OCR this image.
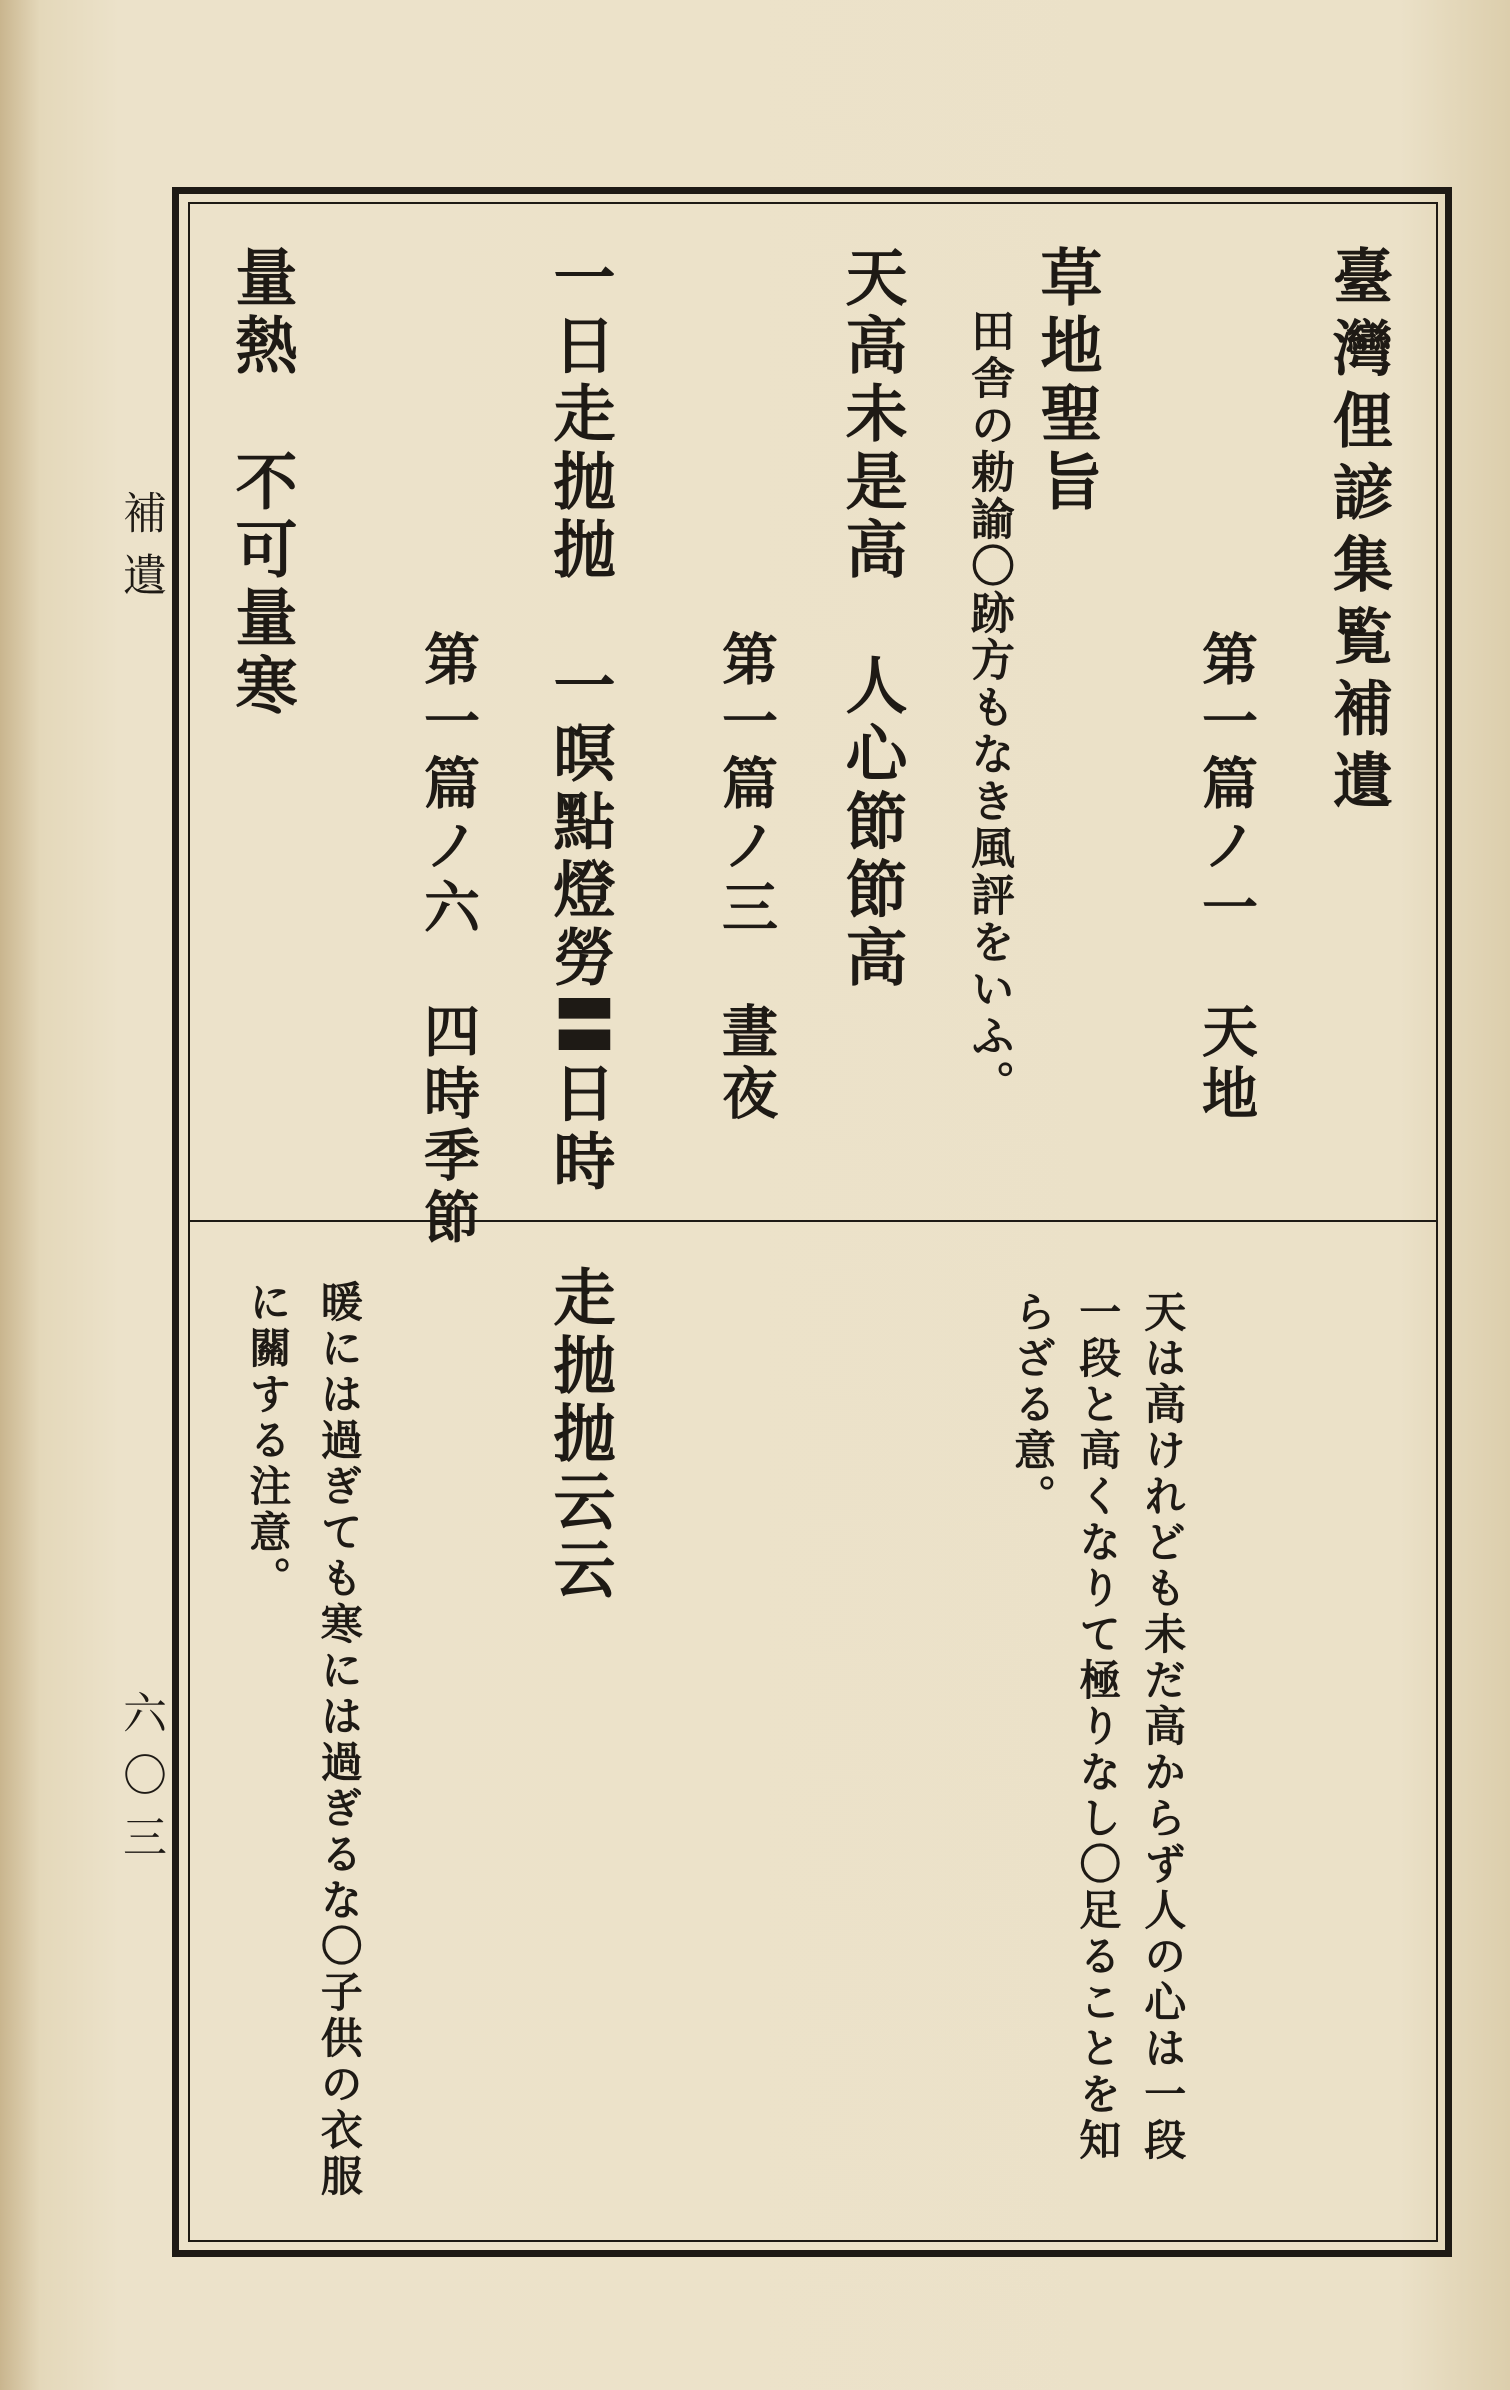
補遺
六〇三
臺灣俚諺集覧補遺
第一篇ノ一　天地
草地聖旨
田舎の勅諭〇跡方もなき風評をいふ。
天高未是高　人心節節高
天は高けれども未だ高からず人の心は一段一段と高くなりて極りなし〇足ることを知らざる意。
第一篇ノ三　晝夜
一日走抛抛　一暝點燈勞〓日時
走抛抛云云
第一篇ノ六　四時季節
量熱　不可量寒
暖には過ぎても寒には過ぎるな〇子供の衣服に關する注意。
